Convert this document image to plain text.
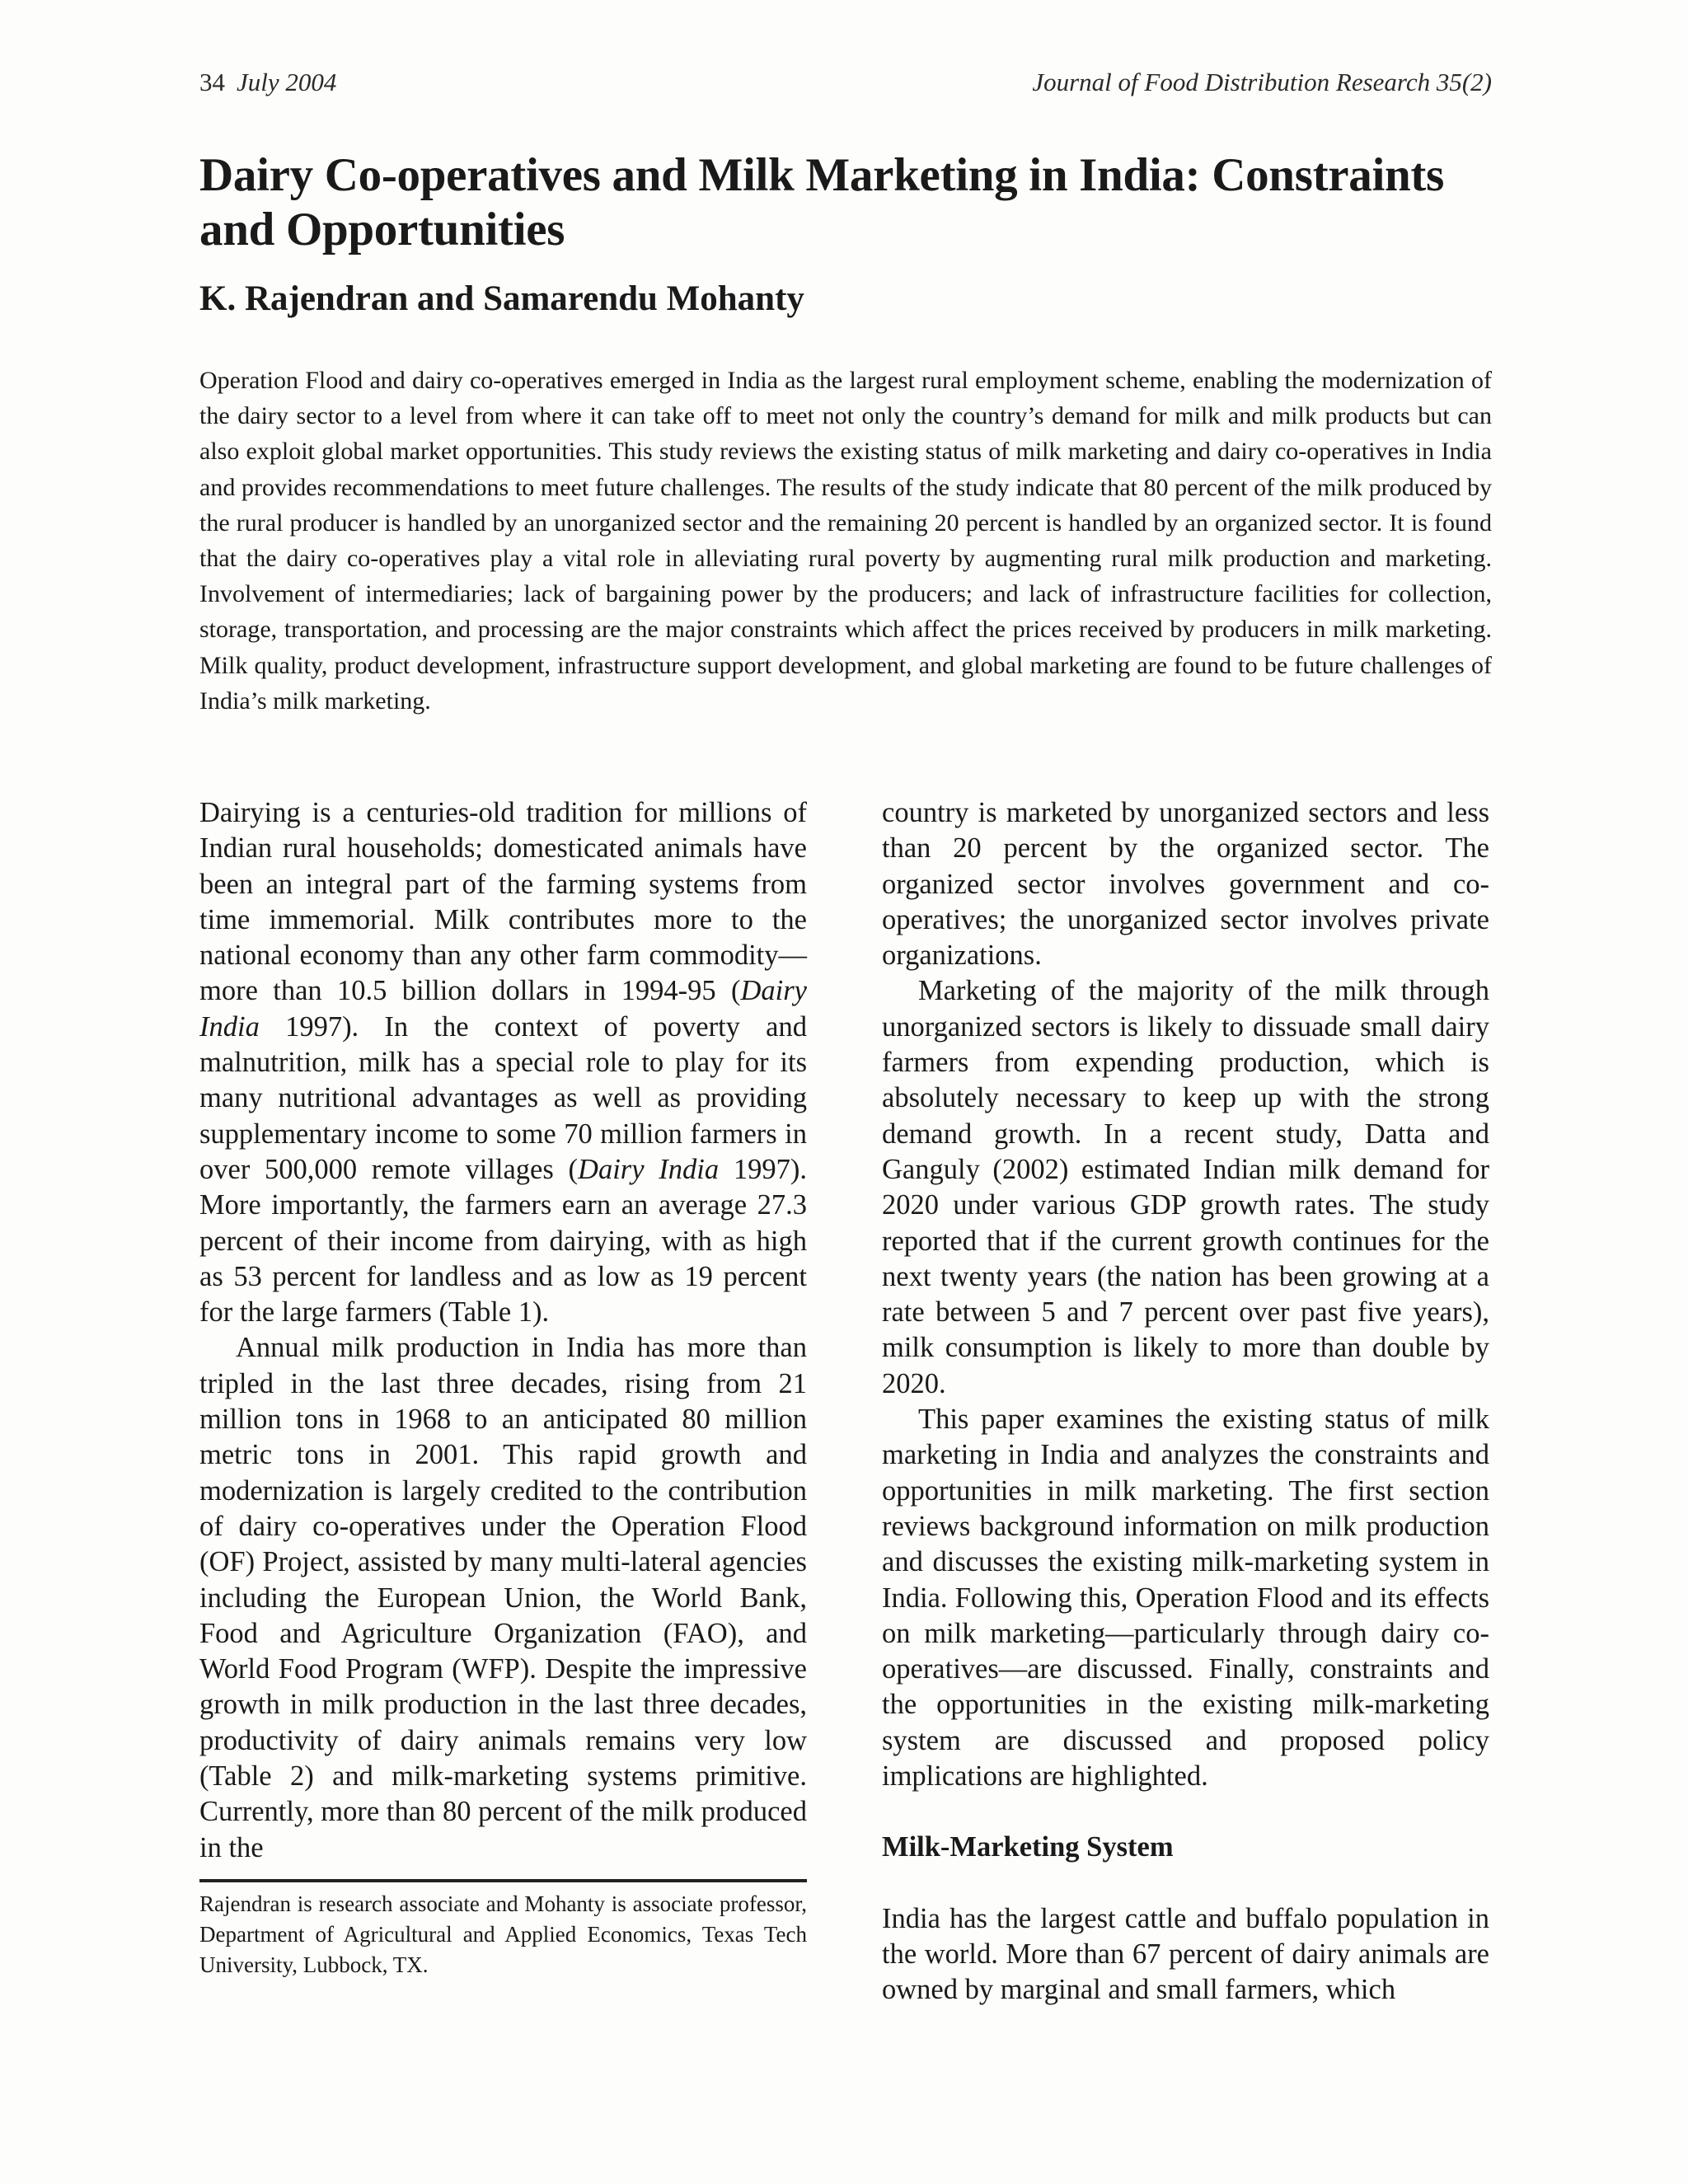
34 July 2004	Journal of Food Distribution Research 35(2)
Dairy Co-operatives and Milk Marketing in India: Constraints and Opportunities
K. Rajendran and Samarendu Mohanty

Operation Flood and dairy co-operatives emerged in India as the largest rural employment scheme, enabling the modernization of the dairy sector to a level from where it can take off to meet not only the country’s demand for milk and milk products but can also exploit global market opportunities. This study reviews the existing status of milk marketing and dairy co-operatives in India and provides recommendations to meet future challenges. The results of the study indicate that 80 percent of the milk produced by the rural producer is handled by an unorganized sector and the remaining 20 percent is handled by an organized sector. It is found that the dairy co-operatives play a vital role in alleviating rural poverty by augmenting rural milk production and marketing. Involvement of intermediaries; lack of bargaining power by the producers; and lack of infrastructure facilities for collection, storage, transportation, and processing are the major constraints which affect the prices received by producers in milk marketing. Milk quality, product development, infrastructure support development, and global marketing are found to be future challenges of India’s milk marketing.

Dairying is a centuries-old tradition for millions of Indian rural households; domesticated animals have been an integral part of the farming systems from time immemorial. Milk contributes more to the national economy than any other farm commodity—more than 10.5 billion dollars in 1994-95 (Dairy India 1997). In the context of poverty and malnutrition, milk has a special role to play for its many nutritional advantages as well as providing supplementary income to some 70 million farmers in over 500,000 remote villages (Dairy India 1997). More importantly, the farmers earn an average 27.3 percent of their income from dairying, with as high as 53 percent for landless and as low as 19 percent for the large farmers (Table 1).

Annual milk production in India has more than tripled in the last three decades, rising from 21 million tons in 1968 to an anticipated 80 million metric tons in 2001. This rapid growth and modernization is largely credited to the contribution of dairy co-operatives under the Operation Flood (OF) Project, assisted by many multi-lateral agencies including the European Union, the World Bank, Food and Agriculture Organization (FAO), and World Food Program (WFP). Despite the impressive growth in milk production in the last three decades, productivity of dairy animals remains very low (Table 2) and milk-marketing systems primitive. Currently, more than 80 percent of the milk produced in the

country is marketed by unorganized sectors and less than 20 percent by the organized sector. The organized sector involves government and co-operatives; the unorganized sector involves private organizations.

Marketing of the majority of the milk through unorganized sectors is likely to dissuade small dairy farmers from expending production, which is absolutely necessary to keep up with the strong demand growth. In a recent study, Datta and Ganguly (2002) estimated Indian milk demand for 2020 under various GDP growth rates. The study reported that if the current growth continues for the next twenty years (the nation has been growing at a rate between 5 and 7 percent over past five years), milk consumption is likely to more than double by 2020.

This paper examines the existing status of milk marketing in India and analyzes the constraints and opportunities in milk marketing. The first section reviews background information on milk production and discusses the existing milk-marketing system in India. Following this, Operation Flood and its effects on milk marketing—particularly through dairy co-operatives—are discussed. Finally, constraints and the opportunities in the existing milk-marketing system are discussed and proposed policy implications are highlighted.

Milk-Marketing System

India has the largest cattle and buffalo population in the world. More than 67 percent of dairy animals are owned by marginal and small farmers, which

Rajendran is research associate and Mohanty is associate professor, Department of Agricultural and Applied Economics, Texas Tech University, Lubbock, TX.
